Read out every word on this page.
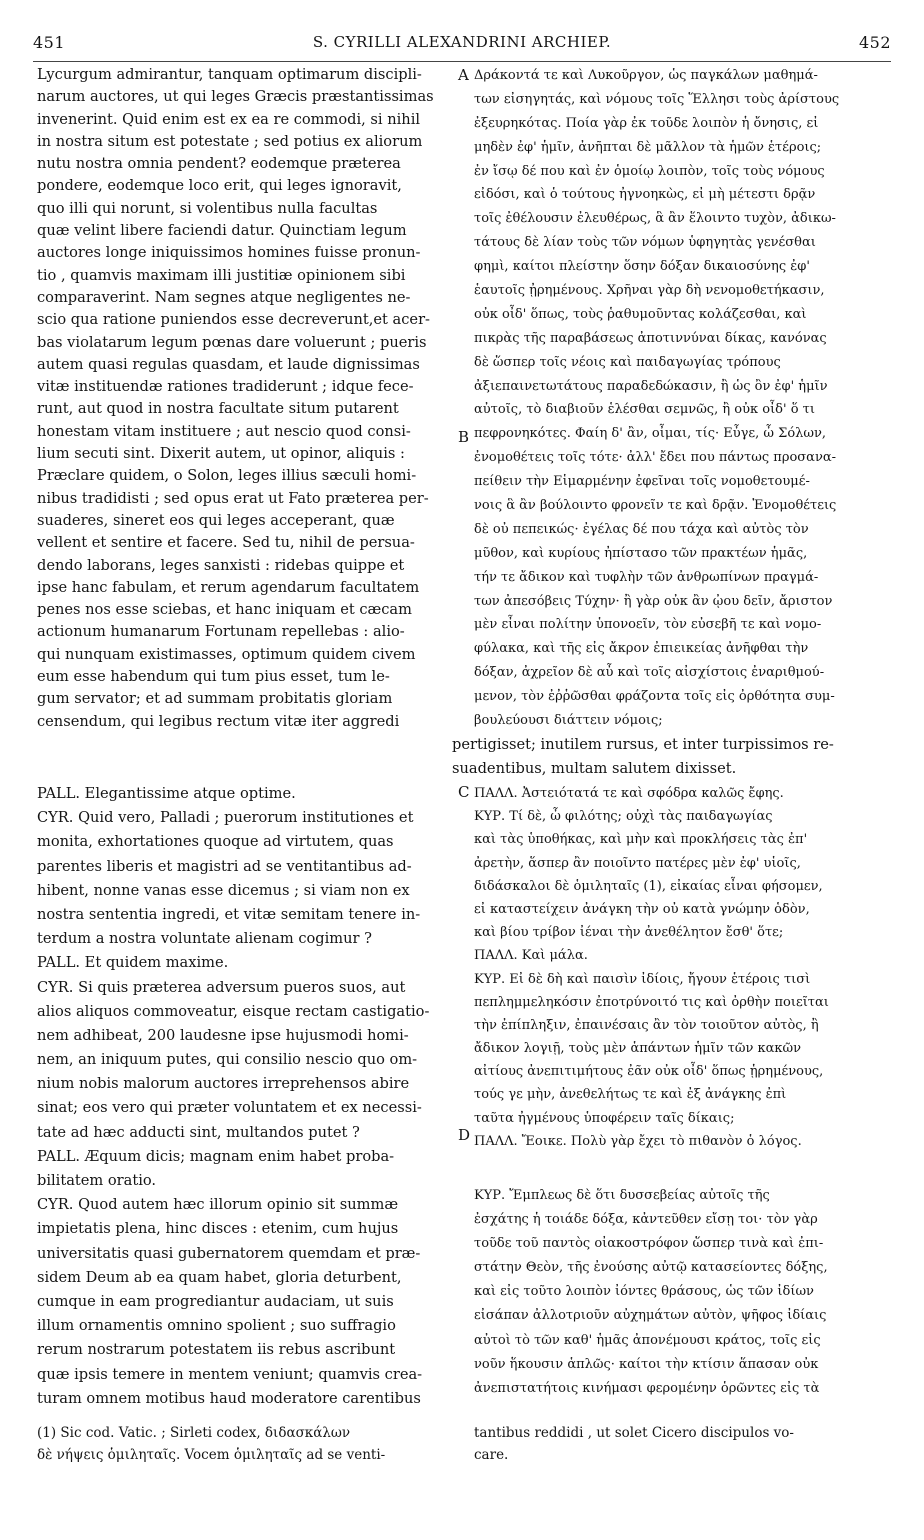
451	S. CYRILLI ALEXANDRINI ARCHIEP.	452
A
B
C
D
Lycurgum admirantur, tanquam optimarum discipli-
narum auctores, ut qui leges Græcis præstantissimas
invenerint. Quid enim est ex ea re commodi, si nihil
in nostra situm est potestate ; sed potius ex aliorum
nutu nostra omnia pendent? eodemque præterea
pondere, eodemque loco erit, qui leges ignoravit,
quo illi qui norunt, si volentibus nulla facultas
quæ velint libere faciendi datur. Quinctiam legum
auctores longe iniquissimos homines fuisse pronun-
tio , quamvis maximam illi justitiæ opinionem sibi
comparaverint. Nam segnes atque negligentes ne-
scio qua ratione puniendos esse decreverunt,et acer-
bas violatarum legum pœnas dare voluerunt ; pueris
autem quasi regulas quasdam, et laude dignissimas
vitæ instituendæ rationes tradiderunt ; idque fece-
runt, aut quod in nostra facultate situm putarent
honestam vitam instituere ; aut nescio quod consi-
lium secuti sint. Dixerit autem, ut opinor, aliquis :
Præclare quidem, o Solon, leges illius sæculi homi-
nibus tradidisti ; sed opus erat ut Fato præterea per-
suaderes, sineret eos qui leges acceperant, quæ
vellent et sentire et facere. Sed tu, nihil de persua-
dendo laborans, leges sanxisti : ridebas quippe et
ipse hanc fabulam, et rerum agendarum facultatem
penes nos esse sciebas, et hanc iniquam et cæcam
actionum humanarum Fortunam repellebas : alio-
qui nunquam existimasses, optimum quidem civem
eum esse habendum qui tum pius esset, tum le-
gum servator; et ad summam probitatis gloriam
censendum, qui legibus rectum vitæ iter aggredi
Δράκοντά τε καὶ Λυκοῦργον, ὡς παγκάλων μαθημά-
των εἰσηγητάς, καὶ νόμους τοῖς Ἕλλησι τοὺς ἀρίστους
ἐξευρηκότας. Ποία γὰρ ἐκ τοῦδε λοιπὸν ἡ ὄνησις, εἰ
μηδὲν ἐφ' ἡμῖν, ἀνῆπται δὲ μᾶλλον τὰ ἡμῶν ἑτέροις;
ἐν ἴσῳ δέ που καὶ ἐν ὁμοίῳ λοιπὸν, τοῖς τοὺς νόμους
εἰδόσι, καὶ ὁ τούτους ἠγνοηκὼς, εἰ μὴ μέτεστι δρᾷν
τοῖς ἐθέλουσιν ἐλευθέρως, ἃ ἂν ἕλοιντο τυχὸν, ἀδικω-
τάτους δὲ λίαν τοὺς τῶν νόμων ὑφηγητὰς γενέσθαι
φημὶ, καίτοι πλείστην ὅσην δόξαν δικαιοσύνης ἐφ'
ἑαυτοῖς ᾐρημένους. Χρῆναι γὰρ δὴ νενομοθετήκασιν,
οὐκ οἶδ' ὅπως, τοὺς ῥαθυμοῦντας κολάζεσθαι, καὶ
πικρὰς τῆς παραβάσεως ἀποτιννύναι δίκας, κανόνας
δὲ ὥσπερ τοῖς νέοις καὶ παιδαγωγίας τρόπους
ἀξιεπαινετωτάτους παραδεδώκασιν, ἢ ὡς ὂν ἐφ' ἡμῖν
αὐτοῖς, τὸ διαβιοῦν ἑλέσθαι σεμνῶς, ἢ οὐκ οἶδ' ὅ τι
πεφρονηκότες. Φαίη δ' ἂν, οἶμαι, τίς· Εὖγε, ὦ Σόλων,
ἐνομοθέτεις τοῖς τότε· ἀλλ' ἔδει που πάντως προσανα-
πείθειν τὴν Εἱμαρμένην ἐφεῖναι τοῖς νομοθετουμέ-
νοις ἃ ἂν βούλοιντο φρονεῖν τε καὶ δρᾷν. Ἐνομοθέτεις
δὲ οὐ πεπεικώς· ἐγέλας δέ που τάχα καὶ αὐτὸς τὸν
μῦθον, καὶ κυρίους ἠπίστασο τῶν πρακτέων ἡμᾶς,
τήν τε ἄδικον καὶ τυφλὴν τῶν ἀνθρωπίνων πραγμά-
των ἀπεσόβεις Τύχην· ἢ γὰρ οὐκ ἂν ᾠου δεῖν, ἄριστον
μὲν εἶναι πολίτην ὑπονοεῖν, τὸν εὐσεβῆ τε καὶ νομο-
φύλακα, καὶ τῆς εἰς ἄκρον ἐπιεικείας ἀνῆφθαι τὴν
δόξαν, ἀχρεῖον δὲ αὖ καὶ τοῖς αἰσχίστοις ἐναριθμού-
μενον, τὸν ἐῤῥῶσθαι φράζοντα τοῖς εἰς ὀρθότητα συμ-
βουλεύουσι διάττειν νόμοις;
pertigisset; inutilem rursus, et inter turpissimos re-
suadentibus, multam salutem dixisset.
PALL. Elegantissime atque optime.
CYR. Quid vero, Palladi ; puerorum institutiones et
monita, exhortationes quoque ad virtutem, quas
parentes liberis et magistri ad se ventitantibus ad-
hibent, nonne vanas esse dicemus ; si viam non ex
nostra sententia ingredi, et vitæ semitam tenere in-
terdum a nostra voluntate alienam cogimur ?
PALL. Et quidem maxime.
CYR. Si quis præterea adversum pueros suos, aut
alios aliquos commoveatur, eisque rectam castigatio-
nem adhibeat, 200 laudesne ipse hujusmodi homi-
nem, an iniquum putes, qui consilio nescio quo om-
nium nobis malorum auctores irreprehensos abire
sinat; eos vero qui præter voluntatem et ex necessi-
tate ad hæc adducti sint, multandos putet ?
PALL. Æquum dicis; magnam enim habet proba-
bilitatem oratio.
CYR. Quod autem hæc illorum opinio sit summæ
impietatis plena, hinc disces : etenim, cum hujus
universitatis quasi gubernatorem quemdam et præ-
sidem Deum ab ea quam habet, gloria deturbent,
cumque in eam progrediantur audaciam, ut suis
illum ornamentis omnino spolient ; suo suffragio
rerum nostrarum potestatem iis rebus ascribunt
quæ ipsis temere in mentem veniunt; quamvis crea-
turam omnem motibus haud moderatore carentibus
ΠΑΛΛ. Ἀστειότατά τε καὶ σφόδρα καλῶς ἔφης.
ΚΥΡ. Τί δὲ, ὦ φιλότης; οὐχὶ τὰς παιδαγωγίας
καὶ τὰς ὑποθήκας, καὶ μὴν καὶ προκλήσεις τὰς ἐπ'
ἀρετὴν, ἅσπερ ἂν ποιοῖντο πατέρες μὲν ἐφ' υἱοῖς,
διδάσκαλοι δὲ ὁμιληταῖς (1), εἰκαίας εἶναι φήσομεν,
εἰ καταστείχειν ἀνάγκη τὴν οὐ κατὰ γνώμην ὁδὸν,
καὶ βίου τρίβον ἰέναι τὴν ἀνεθέλητον ἔσθ' ὅτε;
ΠΑΛΛ. Καὶ μάλα.
ΚΥΡ. Εἰ δὲ δὴ καὶ παισὶν ἰδίοις, ἤγουν ἑτέροις τισὶ
πεπλημμεληκόσιν ἐποτρύνοιτό τις καὶ ὀρθὴν ποιεῖται
τὴν ἐπίπληξιν, ἐπαινέσαις ἂν τὸν τοιοῦτον αὐτὸς, ἢ
ἄδικον λογιῇ, τοὺς μὲν ἁπάντων ἡμῖν τῶν κακῶν
αἰτίους ἀνεπιτιμήτους ἐᾶν οὐκ οἶδ' ὅπως ᾑρημένους,
τούς γε μὴν, ἀνεθελήτως τε καὶ ἐξ ἀνάγκης ἐπὶ
ταῦτα ἠγμένους ὑποφέρειν ταῖς δίκαις;
ΠΑΛΛ. Ἔοικε. Πολὺ γὰρ ἔχει τὸ πιθανὸν ὁ λόγος.
ΚΥΡ. Ἔμπλεως δὲ ὅτι δυσσεβείας αὐτοῖς τῆς
ἐσχάτης ἡ τοιάδε δόξα, κἀντεῦθεν εἴσῃ τοι· τὸν γὰρ
τοῦδε τοῦ παντὸς οἰακοστρόφον ὥσπερ τινὰ καὶ ἐπι-
στάτην Θεὸν, τῆς ἐνούσης αὐτῷ κατασείοντες δόξης,
καὶ εἰς τοῦτο λοιπὸν ἰόντες θράσους, ὡς τῶν ἰδίων
εἰσάπαν ἀλλοτριοῦν αὐχημάτων αὐτὸν, ψῆφος ἰδίαις
αὐτοὶ τὸ τῶν καθ' ἡμᾶς ἀπονέμουσι κράτος, τοῖς εἰς
νοῦν ἥκουσιν ἁπλῶς· καίτοι τὴν κτίσιν ἅπασαν οὐκ
ἀνεπιστατήτοις κινήμασι φερομένην ὁρῶντες εἰς τὰ
(1) Sic cod. Vatic. ; Sirleti codex, διδασκάλων
δὲ νήψεις ὁμιληταῖς. Vocem ὁμιληταῖς ad se venti-
tantibus reddidi , ut solet Cicero discipulos vo-
care.
